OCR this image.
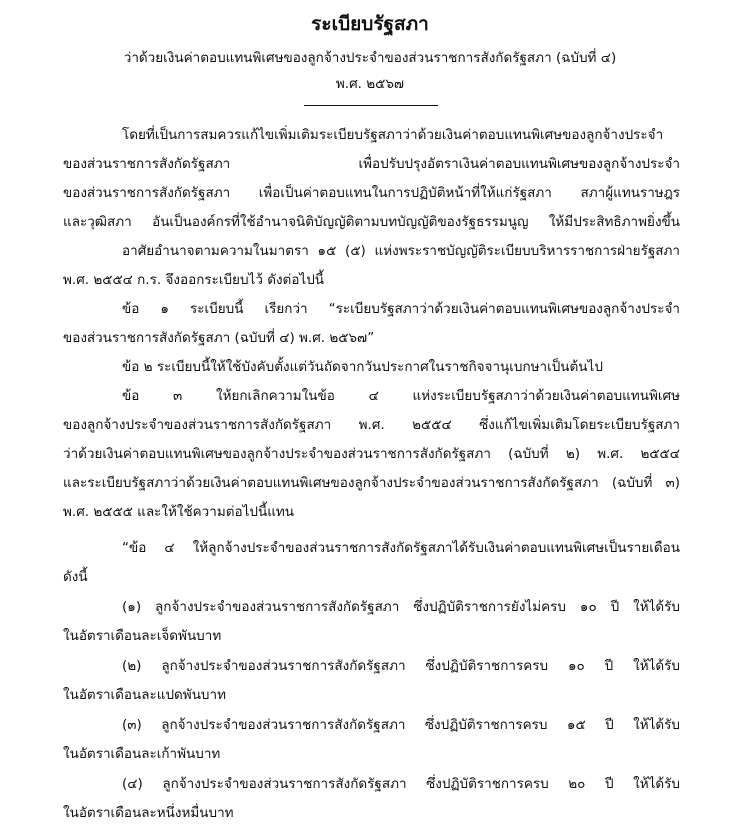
ระเบียบรัฐสภา

ว่าด้วยเงินค่าตอบแทนพิเศษของลูกจ้างประจำของส่วนราชการสังกัดรัฐสภา (ฉบับที่ ๔)

พ.ศ. ๒๕๖๗

โดยที่เป็นการสมควรแก้ไขเพิ่มเติมระเบียบรัฐสภาว่าด้วยเงินค่าตอบแทนพิเศษของลูกจ้างประจำ

ของส่วนราชการสังกัดรัฐสภา เพื่อปรับปรุงอัตราเงินค่าตอบแทนพิเศษของลูกจ้างประจำ

ของส่วนราชการสังกัดรัฐสภา เพื่อเป็นค่าตอบแทนในการปฏิบัติหน้าที่ให้แก่รัฐสภา สภาผู้แทนราษฎร

และวุฒิสภา อันเป็นองค์กรที่ใช้อำนาจนิติบัญญัติตามบทบัญญัติของรัฐธรรมนูญ ให้มีประสิทธิภาพยิ่งขึ้น

อาศัยอำนาจตามความในมาตรา ๑๕ (๕) แห่งพระราชบัญญัติระเบียบบริหารราชการฝ่ายรัฐสภา

พ.ศ. ๒๕๕๔ ก.ร. จึงออกระเบียบไว้ ดังต่อไปนี้

ข้อ ๑ ระเบียบนี้ เรียกว่า “ระเบียบรัฐสภาว่าด้วยเงินค่าตอบแทนพิเศษของลูกจ้างประจำ

ของส่วนราชการสังกัดรัฐสภา (ฉบับที่ ๔) พ.ศ. ๒๕๖๗”

ข้อ ๒ ระเบียบนี้ให้ใช้บังคับตั้งแต่วันถัดจากวันประกาศในราชกิจจานุเบกษาเป็นต้นไป

ข้อ ๓ ให้ยกเลิกความในข้อ ๔ แห่งระเบียบรัฐสภาว่าด้วยเงินค่าตอบแทนพิเศษ

ของลูกจ้างประจำของส่วนราชการสังกัดรัฐสภา พ.ศ. ๒๕๕๔ ซึ่งแก้ไขเพิ่มเติมโดยระเบียบรัฐสภา

ว่าด้วยเงินค่าตอบแทนพิเศษของลูกจ้างประจำของส่วนราชการสังกัดรัฐสภา (ฉบับที่ ๒) พ.ศ. ๒๕๕๔

และระเบียบรัฐสภาว่าด้วยเงินค่าตอบแทนพิเศษของลูกจ้างประจำของส่วนราชการสังกัดรัฐสภา (ฉบับที่ ๓)

พ.ศ. ๒๕๕๕ และให้ใช้ความต่อไปนี้แทน

“ข้อ ๔ ให้ลูกจ้างประจำของส่วนราชการสังกัดรัฐสภาได้รับเงินค่าตอบแทนพิเศษเป็นรายเดือน

ดังนี้

(๑) ลูกจ้างประจำของส่วนราชการสังกัดรัฐสภา ซึ่งปฏิบัติราชการยังไม่ครบ ๑๐ ปี ให้ได้รับ

ในอัตราเดือนละเจ็ดพันบาท

(๒) ลูกจ้างประจำของส่วนราชการสังกัดรัฐสภา ซึ่งปฏิบัติราชการครบ ๑๐ ปี ให้ได้รับ

ในอัตราเดือนละแปดพันบาท

(๓) ลูกจ้างประจำของส่วนราชการสังกัดรัฐสภา ซึ่งปฏิบัติราชการครบ ๑๕ ปี ให้ได้รับ

ในอัตราเดือนละเก้าพันบาท

(๔) ลูกจ้างประจำของส่วนราชการสังกัดรัฐสภา ซึ่งปฏิบัติราชการครบ ๒๐ ปี ให้ได้รับ

ในอัตราเดือนละหนึ่งหมื่นบาท
